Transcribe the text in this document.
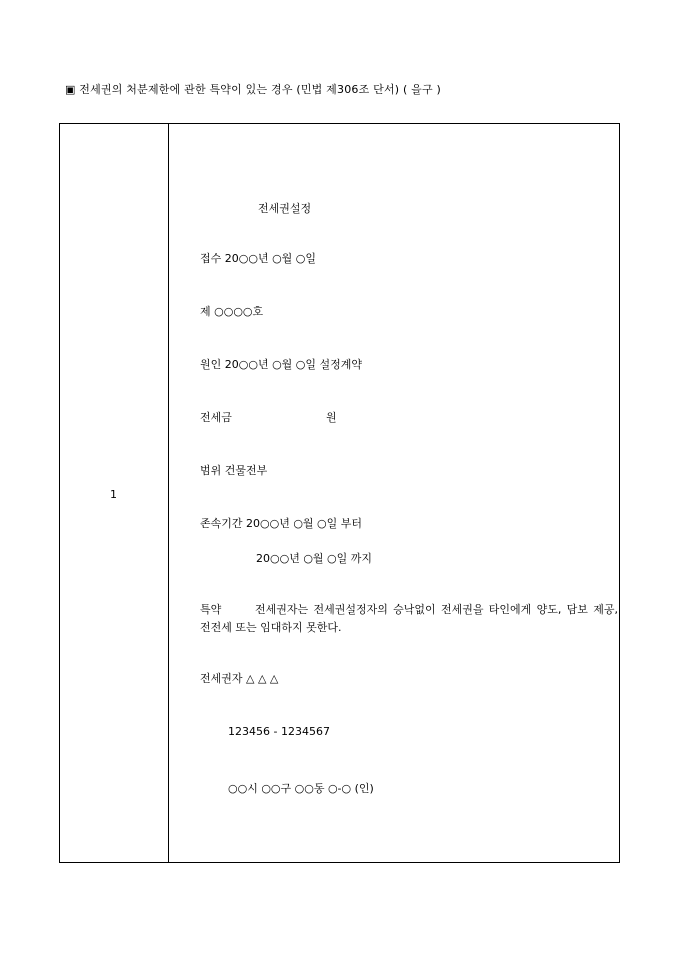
▣ 전세권의 처분제한에 관한 특약이 있는 경우 (민법 제306조 단서) ( 을구 )
1
전세권설정
접수 20○○년 ○월 ○일
제 ○○○○호
원인 20○○년 ○월 ○일 설정계약
전세금	원
범위 건물전부
존속기간 20○○년 ○월 ○일 부터
20○○년 ○월 ○일 까지
특약	전세권자는 전세권설정자의 승낙없이 전세권을 타인에게 양도, 담보 제공, 전전세 또는 임대하지 못한다.
전세권자 △ △ △
123456 - 1234567
○○시 ○○구 ○○동 ○-○ (인)
